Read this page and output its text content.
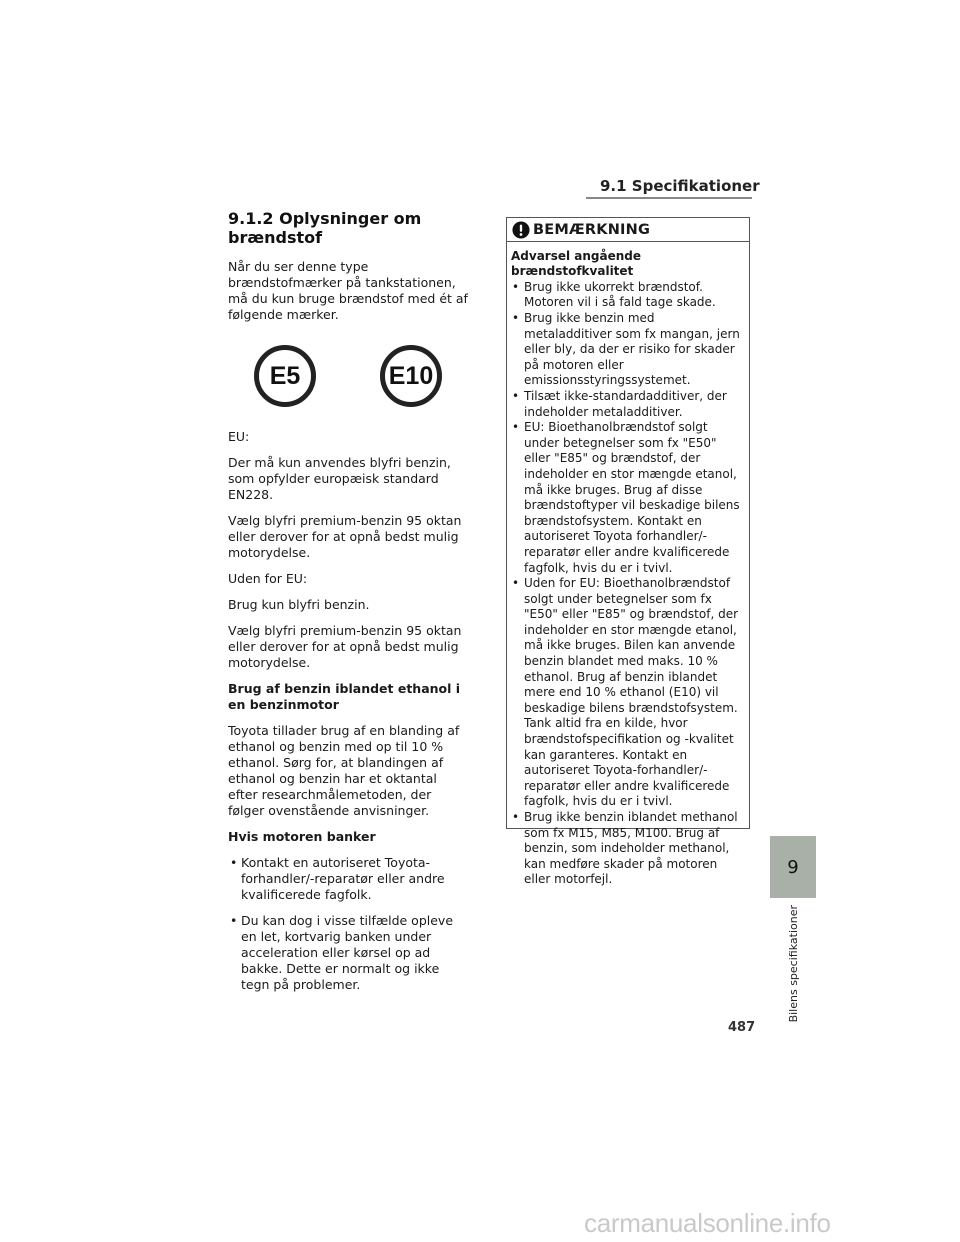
9.1 Specifikationer
9.1.2 Oplysninger om brændstof
Når du ser denne type brændstofmærker på tankstationen, må du kun bruge brændstof med ét af følgende mærker.
E5	E10
EU:
Der må kun anvendes blyfri benzin, som opfylder europæisk standard EN228.
Vælg blyfri premium-benzin 95 oktan eller derover for at opnå bedst mulig motorydelse.
Uden for EU:
Brug kun blyfri benzin.
Vælg blyfri premium-benzin 95 oktan eller derover for at opnå bedst mulig motorydelse.
Brug af benzin iblandet ethanol i en benzinmotor
Toyota tillader brug af en blanding af ethanol og benzin med op til 10 % ethanol. Sørg for, at blandingen af ethanol og benzin har et oktantal efter researchmålemetoden, der følger ovenstående anvisninger.
Hvis motoren banker
• Kontakt en autoriseret Toyota-forhandler/-reparatør eller andre kvalificerede fagfolk.
• Du kan dog i visse tilfælde opleve en let, kortvarig banken under acceleration eller kørsel op ad bakke. Dette er normalt og ikke tegn på problemer.
BEMÆRKNING
Advarsel angående brændstofkvalitet
• Brug ikke ukorrekt brændstof. Motoren vil i så fald tage skade.
• Brug ikke benzin med metaladditiver som fx mangan, jern eller bly, da der er risiko for skader på motoren eller emissionsstyringssystemet.
• Tilsæt ikke-standardadditiver, der indeholder metaladditiver.
• EU: Bioethanolbrændstof solgt under betegnelser som fx "E50" eller "E85" og brændstof, der indeholder en stor mængde etanol, må ikke bruges. Brug af disse brændstoftyper vil beskadige bilens brændstofsystem. Kontakt en autoriseret Toyota forhandler/-reparatør eller andre kvalificerede fagfolk, hvis du er i tvivl.
• Uden for EU: Bioethanolbrændstof solgt under betegnelser som fx "E50" eller "E85" og brændstof, der indeholder en stor mængde etanol, må ikke bruges. Bilen kan anvende benzin blandet med maks. 10 % ethanol. Brug af benzin iblandet mere end 10 % ethanol (E10) vil beskadige bilens brændstofsystem. Tank altid fra en kilde, hvor brændstofspecifikation og -kvalitet kan garanteres. Kontakt en autoriseret Toyota-forhandler/-reparatør eller andre kvalificerede fagfolk, hvis du er i tvivl.
• Brug ikke benzin iblandet methanol som fx M15, M85, M100. Brug af benzin, som indeholder methanol, kan medføre skader på motoren eller motorfejl.
9
Bilens specifikationer
487
carmanualsonline.info
